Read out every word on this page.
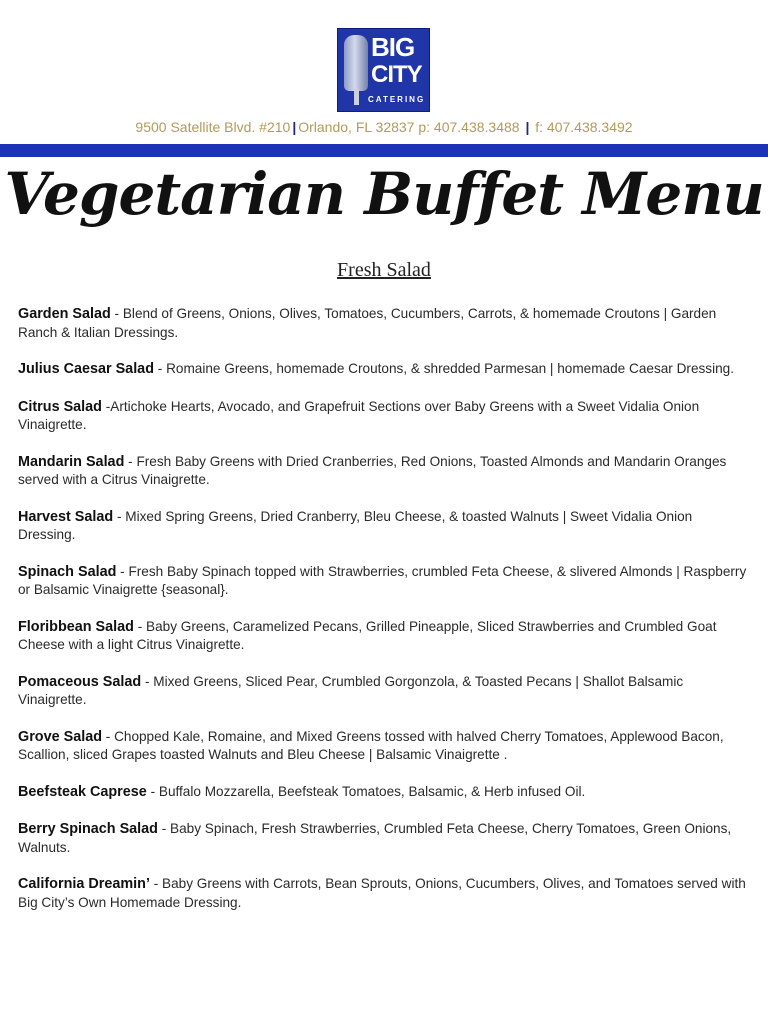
BIG
CITY
CATERING
9500 Satellite Blvd. #210 | Orlando, FL 32837 p: 407.438.3488 | f: 407.438.3492
Vegetarian Buffet Menu
Fresh Salad

Garden Salad - Blend of Greens, Onions, Olives, Tomatoes, Cucumbers, Carrots, & homemade Croutons | Garden Ranch & Italian Dressings.

Julius Caesar Salad - Romaine Greens, homemade Croutons, & shredded Parmesan | homemade Caesar Dressing.

Citrus Salad -Artichoke Hearts, Avocado, and Grapefruit Sections over Baby Greens with a Sweet Vidalia Onion Vinaigrette.

Mandarin Salad - Fresh Baby Greens with Dried Cranberries, Red Onions, Toasted Almonds and Mandarin Oranges served with a Citrus Vinaigrette.

Harvest Salad - Mixed Spring Greens, Dried Cranberry, Bleu Cheese, & toasted Walnuts | Sweet Vidalia Onion Dressing.

Spinach Salad - Fresh Baby Spinach topped with Strawberries, crumbled Feta Cheese, & slivered Almonds | Raspberry or Balsamic Vinaigrette {seasonal}.

Floribbean Salad - Baby Greens, Caramelized Pecans, Grilled Pineapple, Sliced Strawberries and Crumbled Goat Cheese with a light Citrus Vinaigrette.

Pomaceous Salad - Mixed Greens, Sliced Pear, Crumbled Gorgonzola, & Toasted Pecans | Shallot Balsamic Vinaigrette.

Grove Salad - Chopped Kale, Romaine, and Mixed Greens tossed with halved Cherry Tomatoes, Applewood Bacon, Scallion, sliced Grapes toasted Walnuts and Bleu Cheese | Balsamic Vinaigrette .

Beefsteak Caprese - Buffalo Mozzarella, Beefsteak Tomatoes, Balsamic, & Herb infused Oil.

Berry Spinach Salad - Baby Spinach, Fresh Strawberries, Crumbled Feta Cheese, Cherry Tomatoes, Green Onions, Walnuts.

California Dreamin’ - Baby Greens with Carrots, Bean Sprouts, Onions, Cucumbers, Olives, and Tomatoes served with Big City’s Own Homemade Dressing.
